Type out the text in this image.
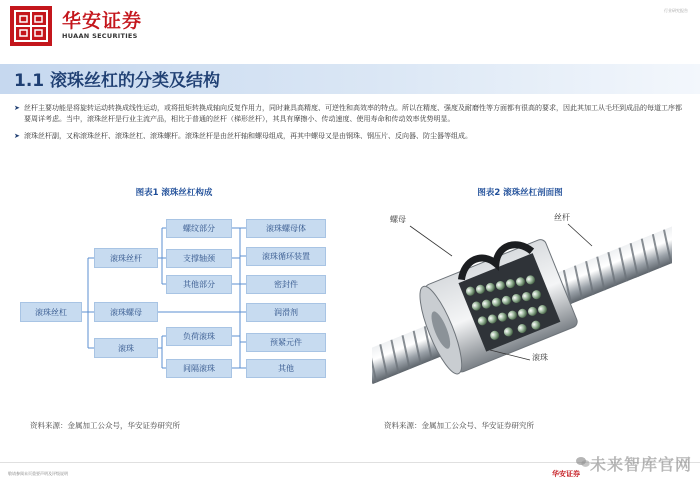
华安证券
HUAAN SECURITIES
行业研究报告
1.1 滚珠丝杠的分类及结构
➤ 丝杆主要功能是将旋转运动转换成线性运动，或将扭矩转换成轴向反复作用力，同时兼具高精度、可逆性和高效率的特点。所以在精度、强度及耐磨性等方面都有很高的要求，因此其加工从毛坯到成品的每道工序都要周详考虑。当中，滚珠丝杆是行业主流产品，相比于普通的丝杆（梯形丝杆），其具有摩擦小、传动速度、使用寿命和传动效率优势明显。
➤ 滚珠丝杆副，又称滚珠丝杆、滚珠丝杠、滚珠螺杆。滚珠丝杆是由丝杆轴和螺母组成，再其中螺母又是由钢珠、钢压片、反向器、防尘器等组成。
图表1 滚珠丝杠构成
滚珠丝杠
滚珠丝杆
滚珠螺母
滚珠
螺纹部分
支撑轴颈
其他部分
负荷滚珠
间隔滚珠
滚珠螺母体
滚珠循环装置
密封件
润滑剂
预紧元件
其他
资料来源：金属加工公众号，华安证券研究所
图表2 滚珠丝杠剖面图
螺母	丝杆
滚珠
资料来源：金属加工公众号、华安证券研究所
敬请参阅末页重要声明及评级说明	华安证券 未来智库官网
